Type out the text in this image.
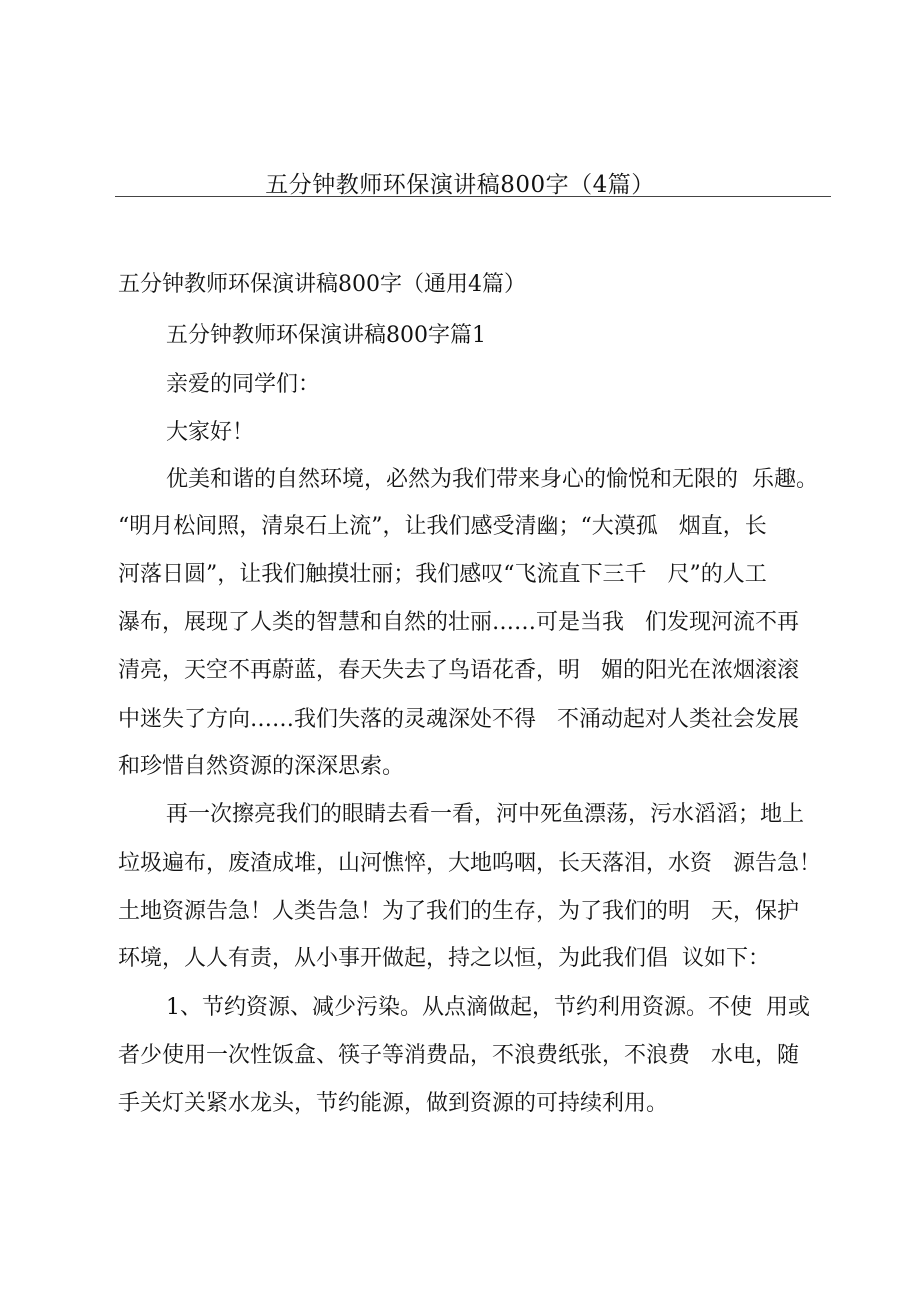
五分钟教师环保演讲稿800字（4篇）
五分钟教师环保演讲稿800字（通用4篇）
五分钟教师环保演讲稿800字篇1
亲爱的同学们：
大家好！
优美和谐的自然环境，必然为我们带来身心的愉悦和无限的  乐趣。
“明月松间照，清泉石上流”，让我们感受清幽；“大漠孤   烟直，长
河落日圆”，让我们触摸壮丽；我们感叹“飞流直下三千   尺”的人工
瀑布，展现了人类的智慧和自然的壮丽……可是当我   们发现河流不再
清亮，天空不再蔚蓝，春天失去了鸟语花香，明   媚的阳光在浓烟滚滚
中迷失了方向……我们失落的灵魂深处不得   不涌动起对人类社会发展
和珍惜自然资源的深深思索。
再一次擦亮我们的眼睛去看一看，河中死鱼漂荡，污水滔滔；地上
垃圾遍布，废渣成堆，山河憔悴，大地呜咽，长天落泪，水资   源告急！
土地资源告急！人类告急！为了我们的生存，为了我们的明   天，保护
环境，人人有责，从小事开做起，持之以恒，为此我们倡  议如下：
1、节约资源、减少污染。从点滴做起，节约利用资源。不使  用或
者少使用一次性饭盒、筷子等消费品，不浪费纸张，不浪费   水电，随
手关灯关紧水龙头，节约能源，做到资源的可持续利用。
